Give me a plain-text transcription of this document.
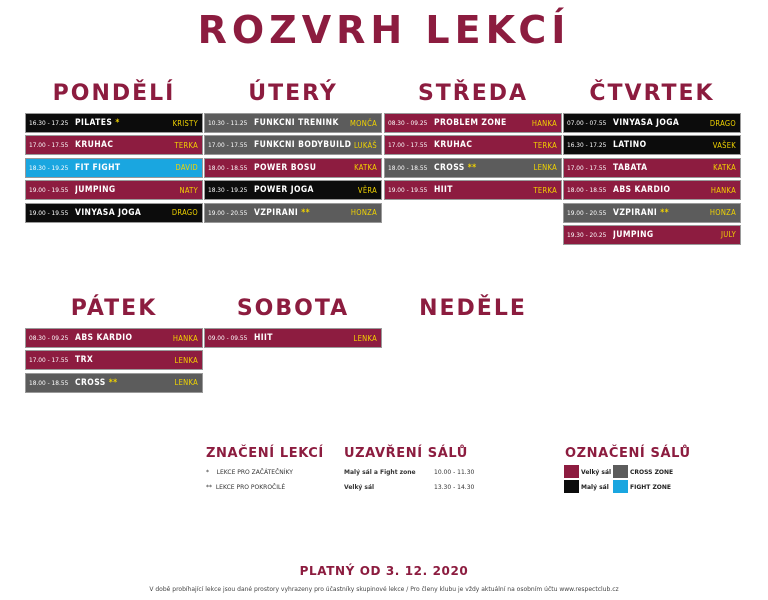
ROZVRH LEKCÍ
PONDĚLÍ
16.30 - 17.25 PILATES *	KRISTY
17.00 - 17.55 KRUHÁČ	TERKA
18.30 - 19.25 FIT FIGHT	DAVID
19.00 - 19.55 JUMPING	NATY
19.00 - 19.55 VINYASA JÓGA	DRAGO
ÚTERÝ
10.30 - 11.25 FUNKČNÍ TRÉNINK	MONČA
17.00 - 17.55 FUNKČNÍ BODYBUILD LUKÁŠ
18.00 - 18.55 POWER BOSU	KATKA
18.30 - 19.25 POWER JÓGA	VĚRA
19.00 - 20.55 VZPÍRÁNÍ **	HONZA
STŘEDA
08.30 - 09.25 PROBLEM ZONE	HANKA
17.00 - 17.55 KRUHÁČ	TERKA
18.00 - 18.55 CROSS **	LENKA
19.00 - 19.55 HIIT	TERKA
ČTVRTEK
07.00 - 07.55 VINYASA JÓGA	DRAGO
16.30 - 17.25 LATINO	VAŠEK
17.00 - 17.55 TABATA	KATKA
18.00 - 18.55 ABS KARDIO	HANKA
19.00 - 20.55 VZPÍRÁNÍ **	HONZA
19.30 - 20.25 JUMPING	JULY
PÁTEK
08.30 - 09.25 ABS KARDIO	HANKA
17.00 - 17.55 TRX	LENKA
18.00 - 18.55 CROSS **	LENKA
SOBOTA
09.00 - 09.55 HIIT	LENKA
NEDĚLE
ZNAČENÍ LEKCÍ
* LEKCE PRO ZAČÁTEČNÍKY
** LEKCE PRO POKROČILÉ
UZAVŘENÍ SÁLŮ
Malý sál a Fight zone	10.00 - 11.30
Velký sál	13.30 - 14.30
OZNAČENÍ SÁLŮ
Velký sál	CROSS ZONE
Malý sál	FIGHT ZONE
PLATNÝ OD 3. 12. 2020
V době probíhající lekce jsou dané prostory vyhrazeny pro účastníky skupinové lekce / Pro členy klubu je vždy aktuální na osobním účtu www.respectclub.cz
